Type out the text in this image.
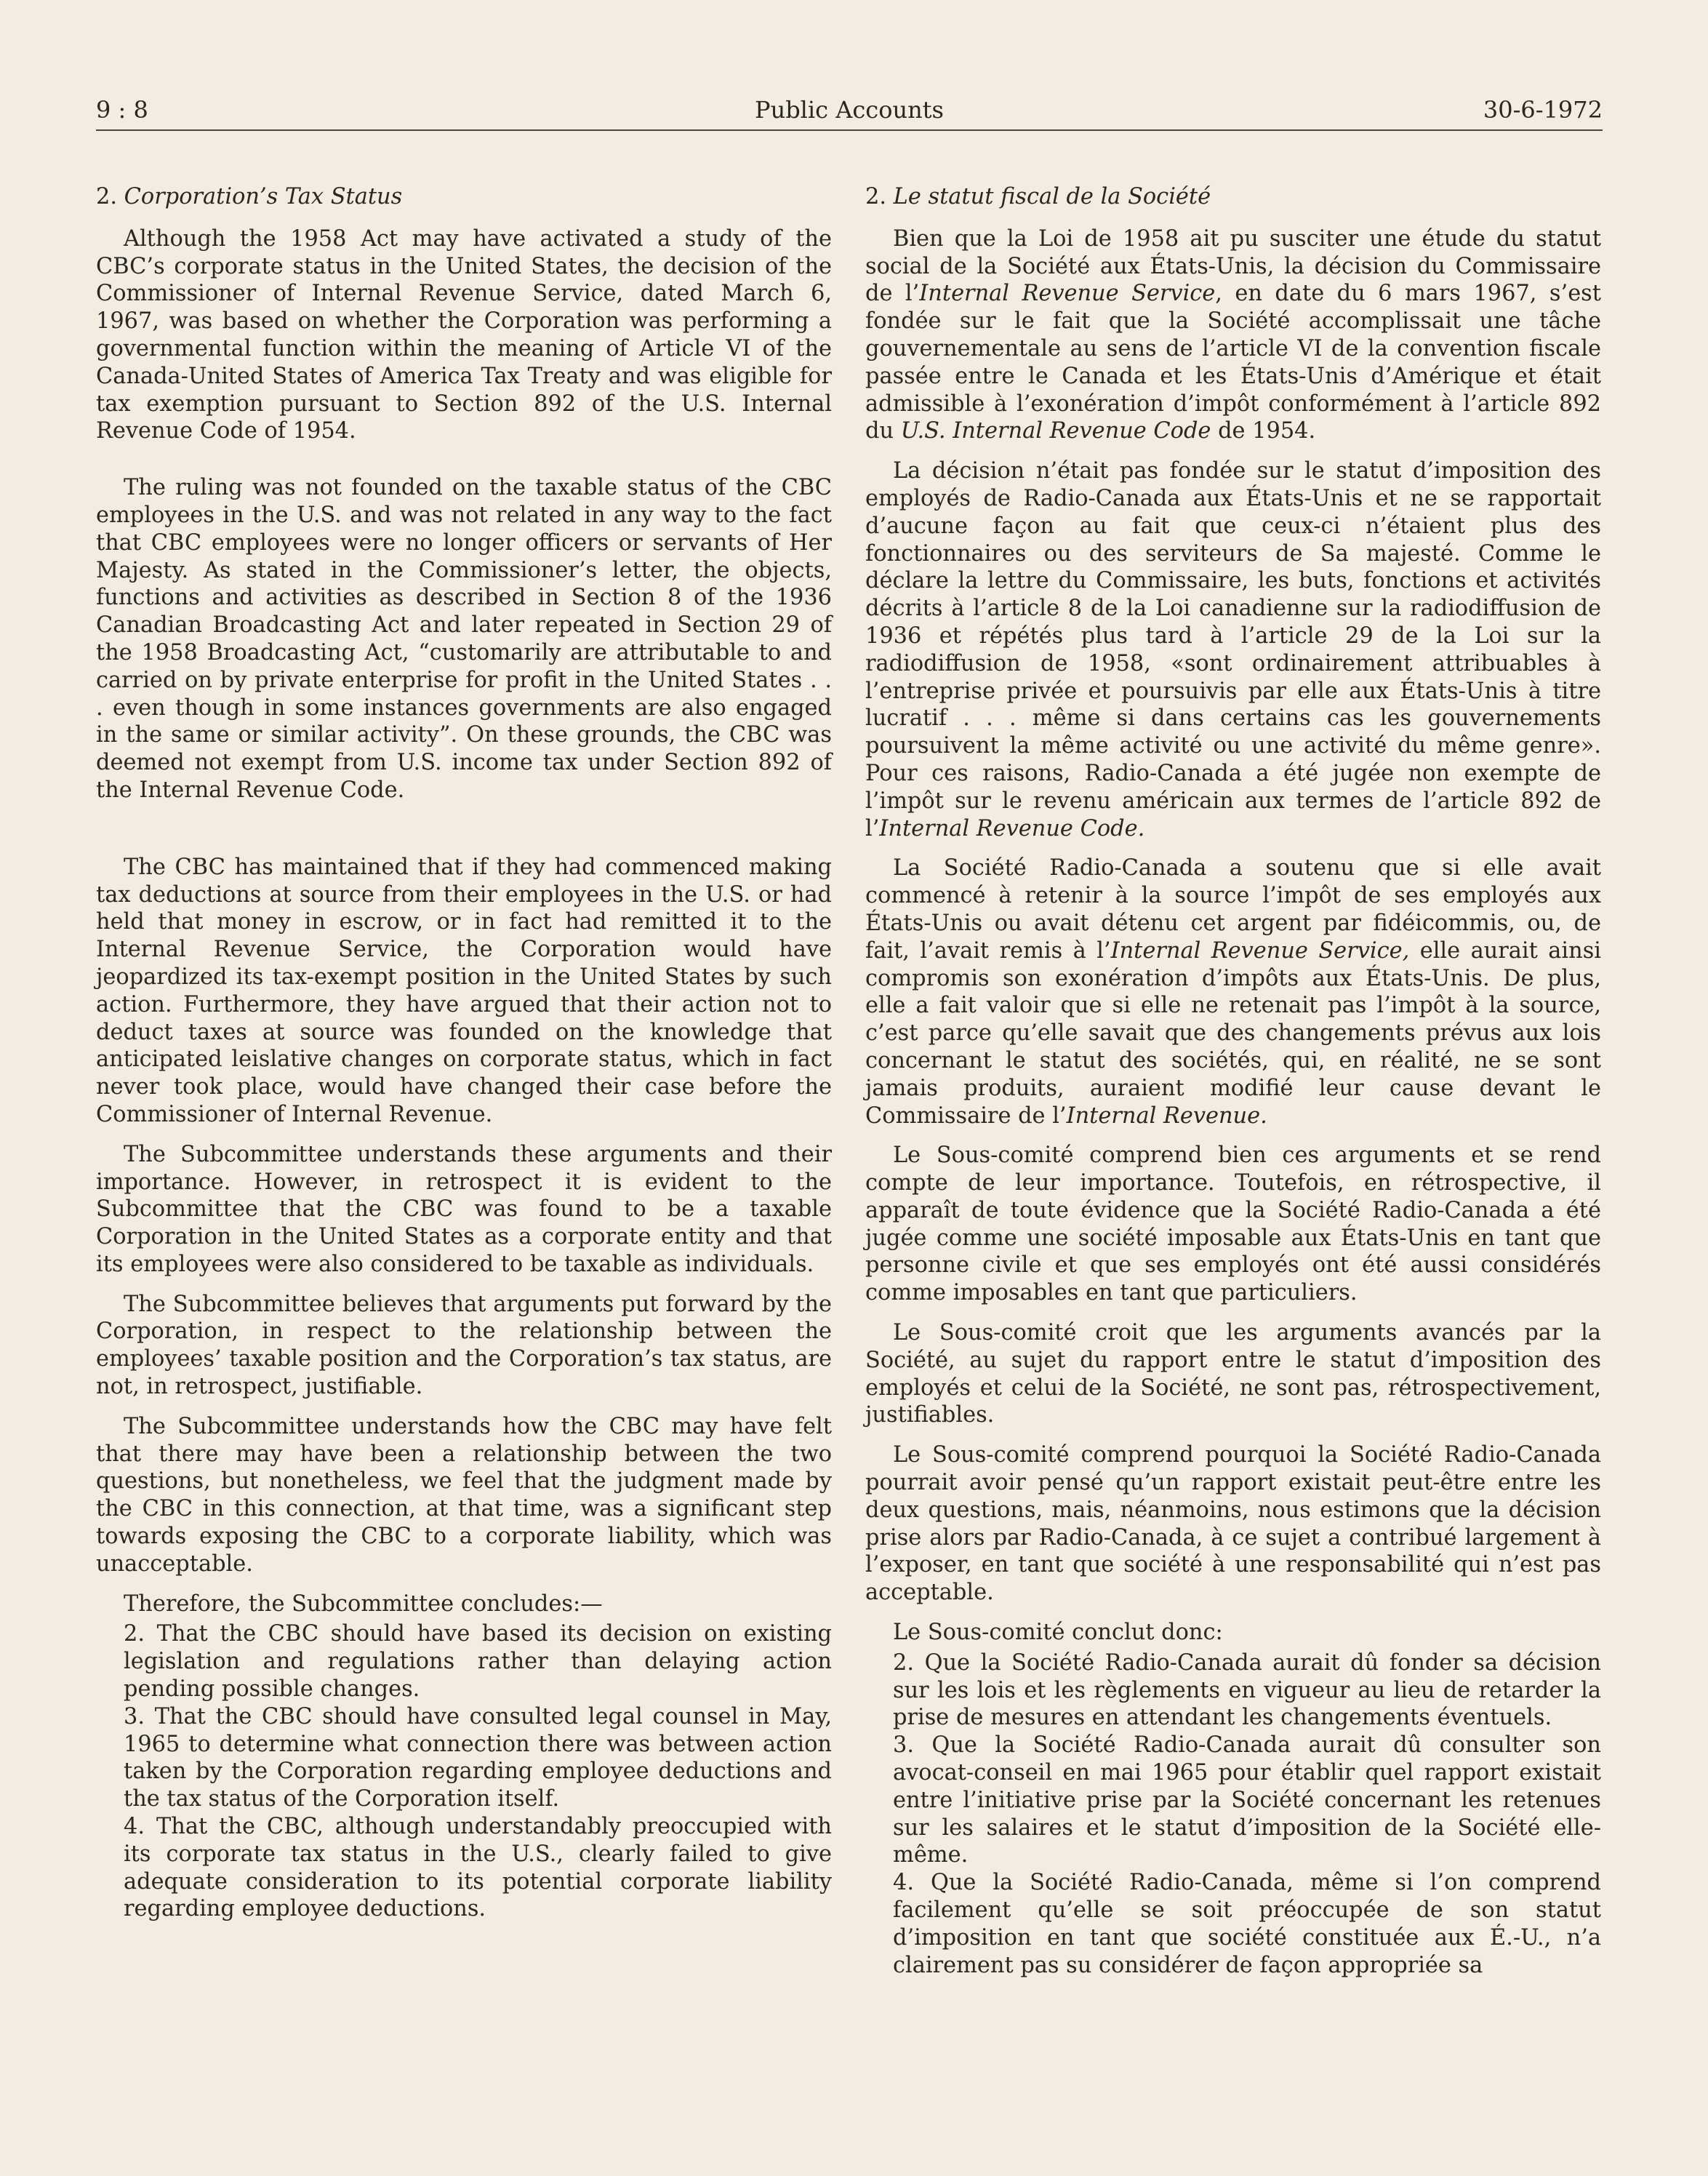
9 : 8	Public Accounts	30-6-1972

2. Corporation’s Tax Status

Although the 1958 Act may have activated a study of the CBC’s corporate status in the United States, the decision of the Commissioner of Internal Revenue Service, dated March 6, 1967, was based on whether the Corporation was performing a governmental function within the meaning of Article VI of the Canada-United States of America Tax Treaty and was eligible for tax exemption pursuant to Section 892 of the U.S. Internal Revenue Code of 1954.

The ruling was not founded on the taxable status of the CBC employees in the U.S. and was not related in any way to the fact that CBC employees were no longer officers or servants of Her Majesty. As stated in the Commissioner’s letter, the objects, functions and activities as described in Section 8 of the 1936 Canadian Broadcasting Act and later repeated in Section 29 of the 1958 Broadcasting Act, “customarily are attributable to and carried on by private enterprise for profit in the United States . . . even though in some instances governments are also engaged in the same or similar activity”. On these grounds, the CBC was deemed not exempt from U.S. income tax under Section 892 of the Internal Revenue Code.

The CBC has maintained that if they had commenced making tax deductions at source from their employees in the U.S. or had held that money in escrow, or in fact had remitted it to the Internal Revenue Service, the Corporation would have jeopardized its tax-exempt position in the United States by such action. Furthermore, they have argued that their action not to deduct taxes at source was founded on the knowledge that anticipated leislative changes on corporate status, which in fact never took place, would have changed their case before the Commissioner of Internal Revenue.

The Subcommittee understands these arguments and their importance. However, in retrospect it is evident to the Subcommittee that the CBC was found to be a taxable Corporation in the United States as a corporate entity and that its employees were also considered to be taxable as individuals.

The Subcommittee believes that arguments put forward by the Corporation, in respect to the relationship between the employees’ taxable position and the Corporation’s tax status, are not, in retrospect, justifiable.

The Subcommittee understands how the CBC may have felt that there may have been a relationship between the two questions, but nonetheless, we feel that the judgment made by the CBC in this connection, at that time, was a significant step towards exposing the CBC to a corporate liability, which was unacceptable.

Therefore, the Subcommittee concludes:—

2. That the CBC should have based its decision on existing legislation and regulations rather than delaying action pending possible changes.

3. That the CBC should have consulted legal counsel in May, 1965 to determine what connection there was between action taken by the Corporation regarding employee deductions and the tax status of the Corporation itself.

4. That the CBC, although understandably preoccupied with its corporate tax status in the U.S., clearly failed to give adequate consideration to its potential corporate liability regarding employee deductions.

2. Le statut fiscal de la Société

Bien que la Loi de 1958 ait pu susciter une étude du statut social de la Société aux États-Unis, la décision du Commissaire de l’Internal Revenue Service, en date du 6 mars 1967, s’est fondée sur le fait que la Société accomplissait une tâche gouvernementale au sens de l’article VI de la convention fiscale passée entre le Canada et les États-Unis d’Amérique et était admissible à l’exonération d’impôt conformément à l’article 892 du U.S. Internal Revenue Code de 1954.

La décision n’était pas fondée sur le statut d’imposition des employés de Radio-Canada aux États-Unis et ne se rapportait d’aucune façon au fait que ceux-ci n’étaient plus des fonctionnaires ou des serviteurs de Sa majesté. Comme le déclare la lettre du Commissaire, les buts, fonctions et activités décrits à l’article 8 de la Loi canadienne sur la radiodiffusion de 1936 et répétés plus tard à l’article 29 de la Loi sur la radiodiffusion de 1958, «sont ordinairement attribuables à l’entreprise privée et poursuivis par elle aux États-Unis à titre lucratif . . . même si dans certains cas les gouvernements poursuivent la même activité ou une activité du même genre». Pour ces raisons, Radio-Canada a été jugée non exempte de l’impôt sur le revenu américain aux termes de l’article 892 de l’Internal Revenue Code.

La Société Radio-Canada a soutenu que si elle avait commencé à retenir à la source l’impôt de ses employés aux États-Unis ou avait détenu cet argent par fidéicommis, ou, de fait, l’avait remis à l’Internal Revenue Service, elle aurait ainsi compromis son exonération d’impôts aux États-Unis. De plus, elle a fait valoir que si elle ne retenait pas l’impôt à la source, c’est parce qu’elle savait que des changements prévus aux lois concernant le statut des sociétés, qui, en réalité, ne se sont jamais produits, auraient modifié leur cause devant le Commissaire de l’Internal Revenue.

Le Sous-comité comprend bien ces arguments et se rend compte de leur importance. Toutefois, en rétrospective, il apparaît de toute évidence que la Société Radio-Canada a été jugée comme une société imposable aux États-Unis en tant que personne civile et que ses employés ont été aussi considérés comme imposables en tant que particuliers.

Le Sous-comité croit que les arguments avancés par la Société, au sujet du rapport entre le statut d’imposition des employés et celui de la Société, ne sont pas, rétrospectivement, justifiables.

Le Sous-comité comprend pourquoi la Société Radio-Canada pourrait avoir pensé qu’un rapport existait peut-être entre les deux questions, mais, néanmoins, nous estimons que la décision prise alors par Radio-Canada, à ce sujet a contribué largement à l’exposer, en tant que société à une responsabilité qui n’est pas acceptable.

Le Sous-comité conclut donc:

2. Que la Société Radio-Canada aurait dû fonder sa décision sur les lois et les règlements en vigueur au lieu de retarder la prise de mesures en attendant les changements éventuels.

3. Que la Société Radio-Canada aurait dû consulter son avocat-conseil en mai 1965 pour établir quel rapport existait entre l’initiative prise par la Société concernant les retenues sur les salaires et le statut d’imposition de la Société elle-même.

4. Que la Société Radio-Canada, même si l’on comprend facilement qu’elle se soit préoccupée de son statut d’imposition en tant que société constituée aux É.-U., n’a clairement pas su considérer de façon appropriée sa
